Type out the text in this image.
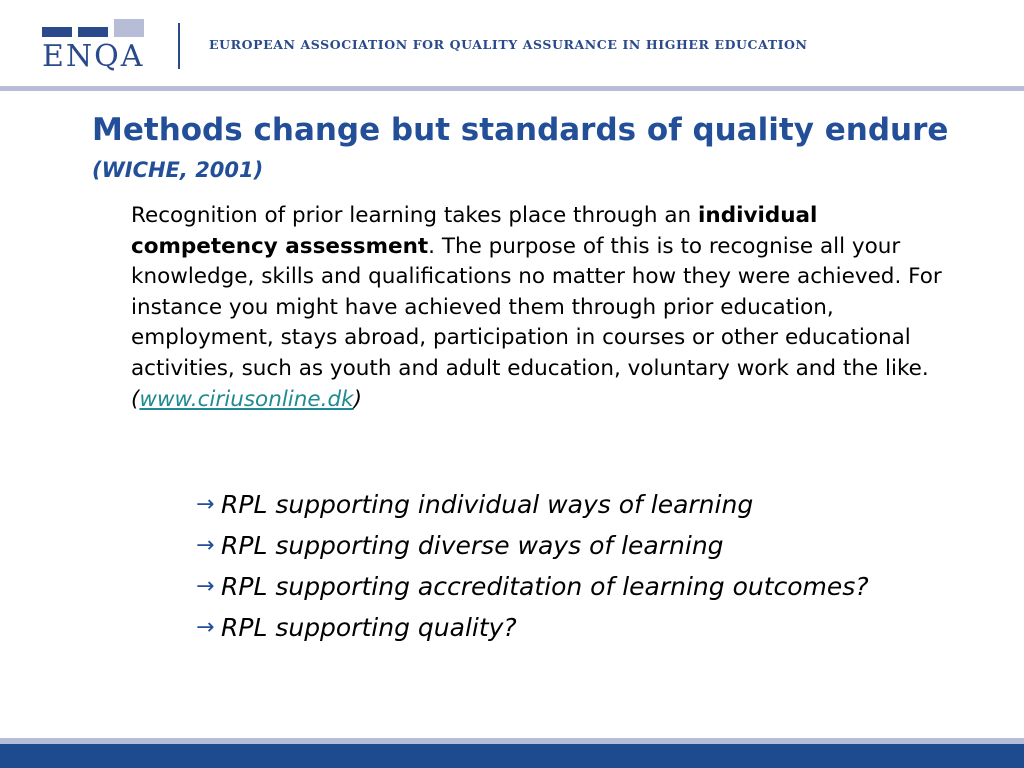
ENQA	EUROPEAN ASSOCIATION FOR QUALITY ASSURANCE IN HIGHER EDUCATION
Methods change but standards of quality endure (WICHE, 2001)

Recognition of prior learning takes place through an individual competency assessment. The purpose of this is to recognise all your knowledge, skills and qualifications no matter how they were achieved. For instance you might have achieved them through prior education, employment, stays abroad, participation in courses or other educational activities, such as youth and adult education, voluntary work and the like. (www.ciriusonline.dk)

→ RPL supporting individual ways of learning
→ RPL supporting diverse ways of learning
→ RPL supporting accreditation of learning outcomes?
→ RPL supporting quality?
